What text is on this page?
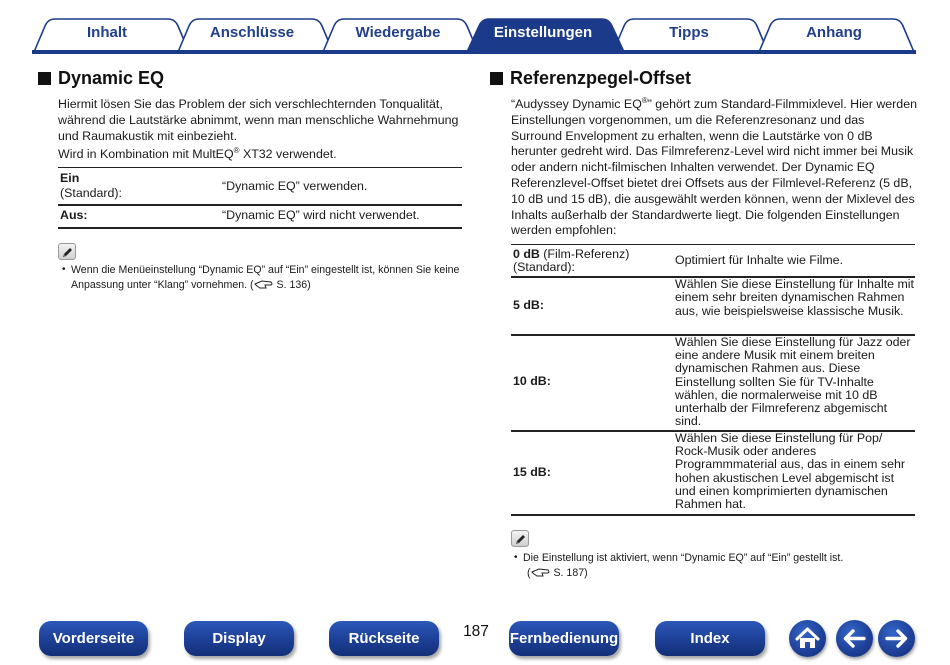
Inhalt	Anschlüsse	Wiedergabe	Einstellungen	Tipps	Anhang
Dynamic EQ
Hiermit lösen Sie das Problem der sich verschlechternden Tonqualität, während die Lautstärke abnimmt, wenn man menschliche Wahrnehmung und Raumakustik mit einbezieht.
Wird in Kombination mit MultEQ® XT32 verwendet.
Ein
(Standard):	“Dynamic EQ” verwenden.
Aus:	“Dynamic EQ” wird nicht verwendet.
• Wenn die Menüeinstellung “Dynamic EQ” auf “Ein” eingestellt ist, können Sie keine Anpassung unter “Klang” vornehmen. ( S. 136)
Referenzpegel-Offset
“Audyssey Dynamic EQ®” gehört zum Standard-Filmmixlevel. Hier werden Einstellungen vorgenommen, um die Referenzresonanz und das Surround Envelopment zu erhalten, wenn die Lautstärke von 0 dB herunter gedreht wird. Das Filmreferenz-Level wird nicht immer bei Musik oder andern nicht-filmischen Inhalten verwendet. Der Dynamic EQ Referenzlevel-Offset bietet drei Offsets aus der Filmlevel-Referenz (5 dB, 10 dB und 15 dB), die ausgewählt werden können, wenn der Mixlevel des Inhalts außerhalb der Standardwerte liegt. Die folgenden Einstellungen werden empfohlen:
0 dB (Film-Referenz)
(Standard):	Optimiert für Inhalte wie Filme.
5 dB:
Wählen Sie diese Einstellung für Inhalte mit einem sehr breiten dynamischen Rahmen aus, wie beispielsweise klassische Musik.
10 dB:
Wählen Sie diese Einstellung für Jazz oder eine andere Musik mit einem breiten dynamischen Rahmen aus. Diese Einstellung sollten Sie für TV-Inhalte wählen, die normalerweise mit 10 dB unterhalb der Filmreferenz abgemischt sind.
15 dB:
Wählen Sie diese Einstellung für Pop/ Rock-Musik oder anderes Programmmaterial aus, das in einem sehr hohen akustischen Level abgemischt ist und einen komprimierten dynamischen Rahmen hat.
• Die Einstellung ist aktiviert, wenn “Dynamic EQ” auf “Ein” gestellt ist.
( S. 187)
Vorderseite	Display	Rückseite	187	Fernbedienung	Index
